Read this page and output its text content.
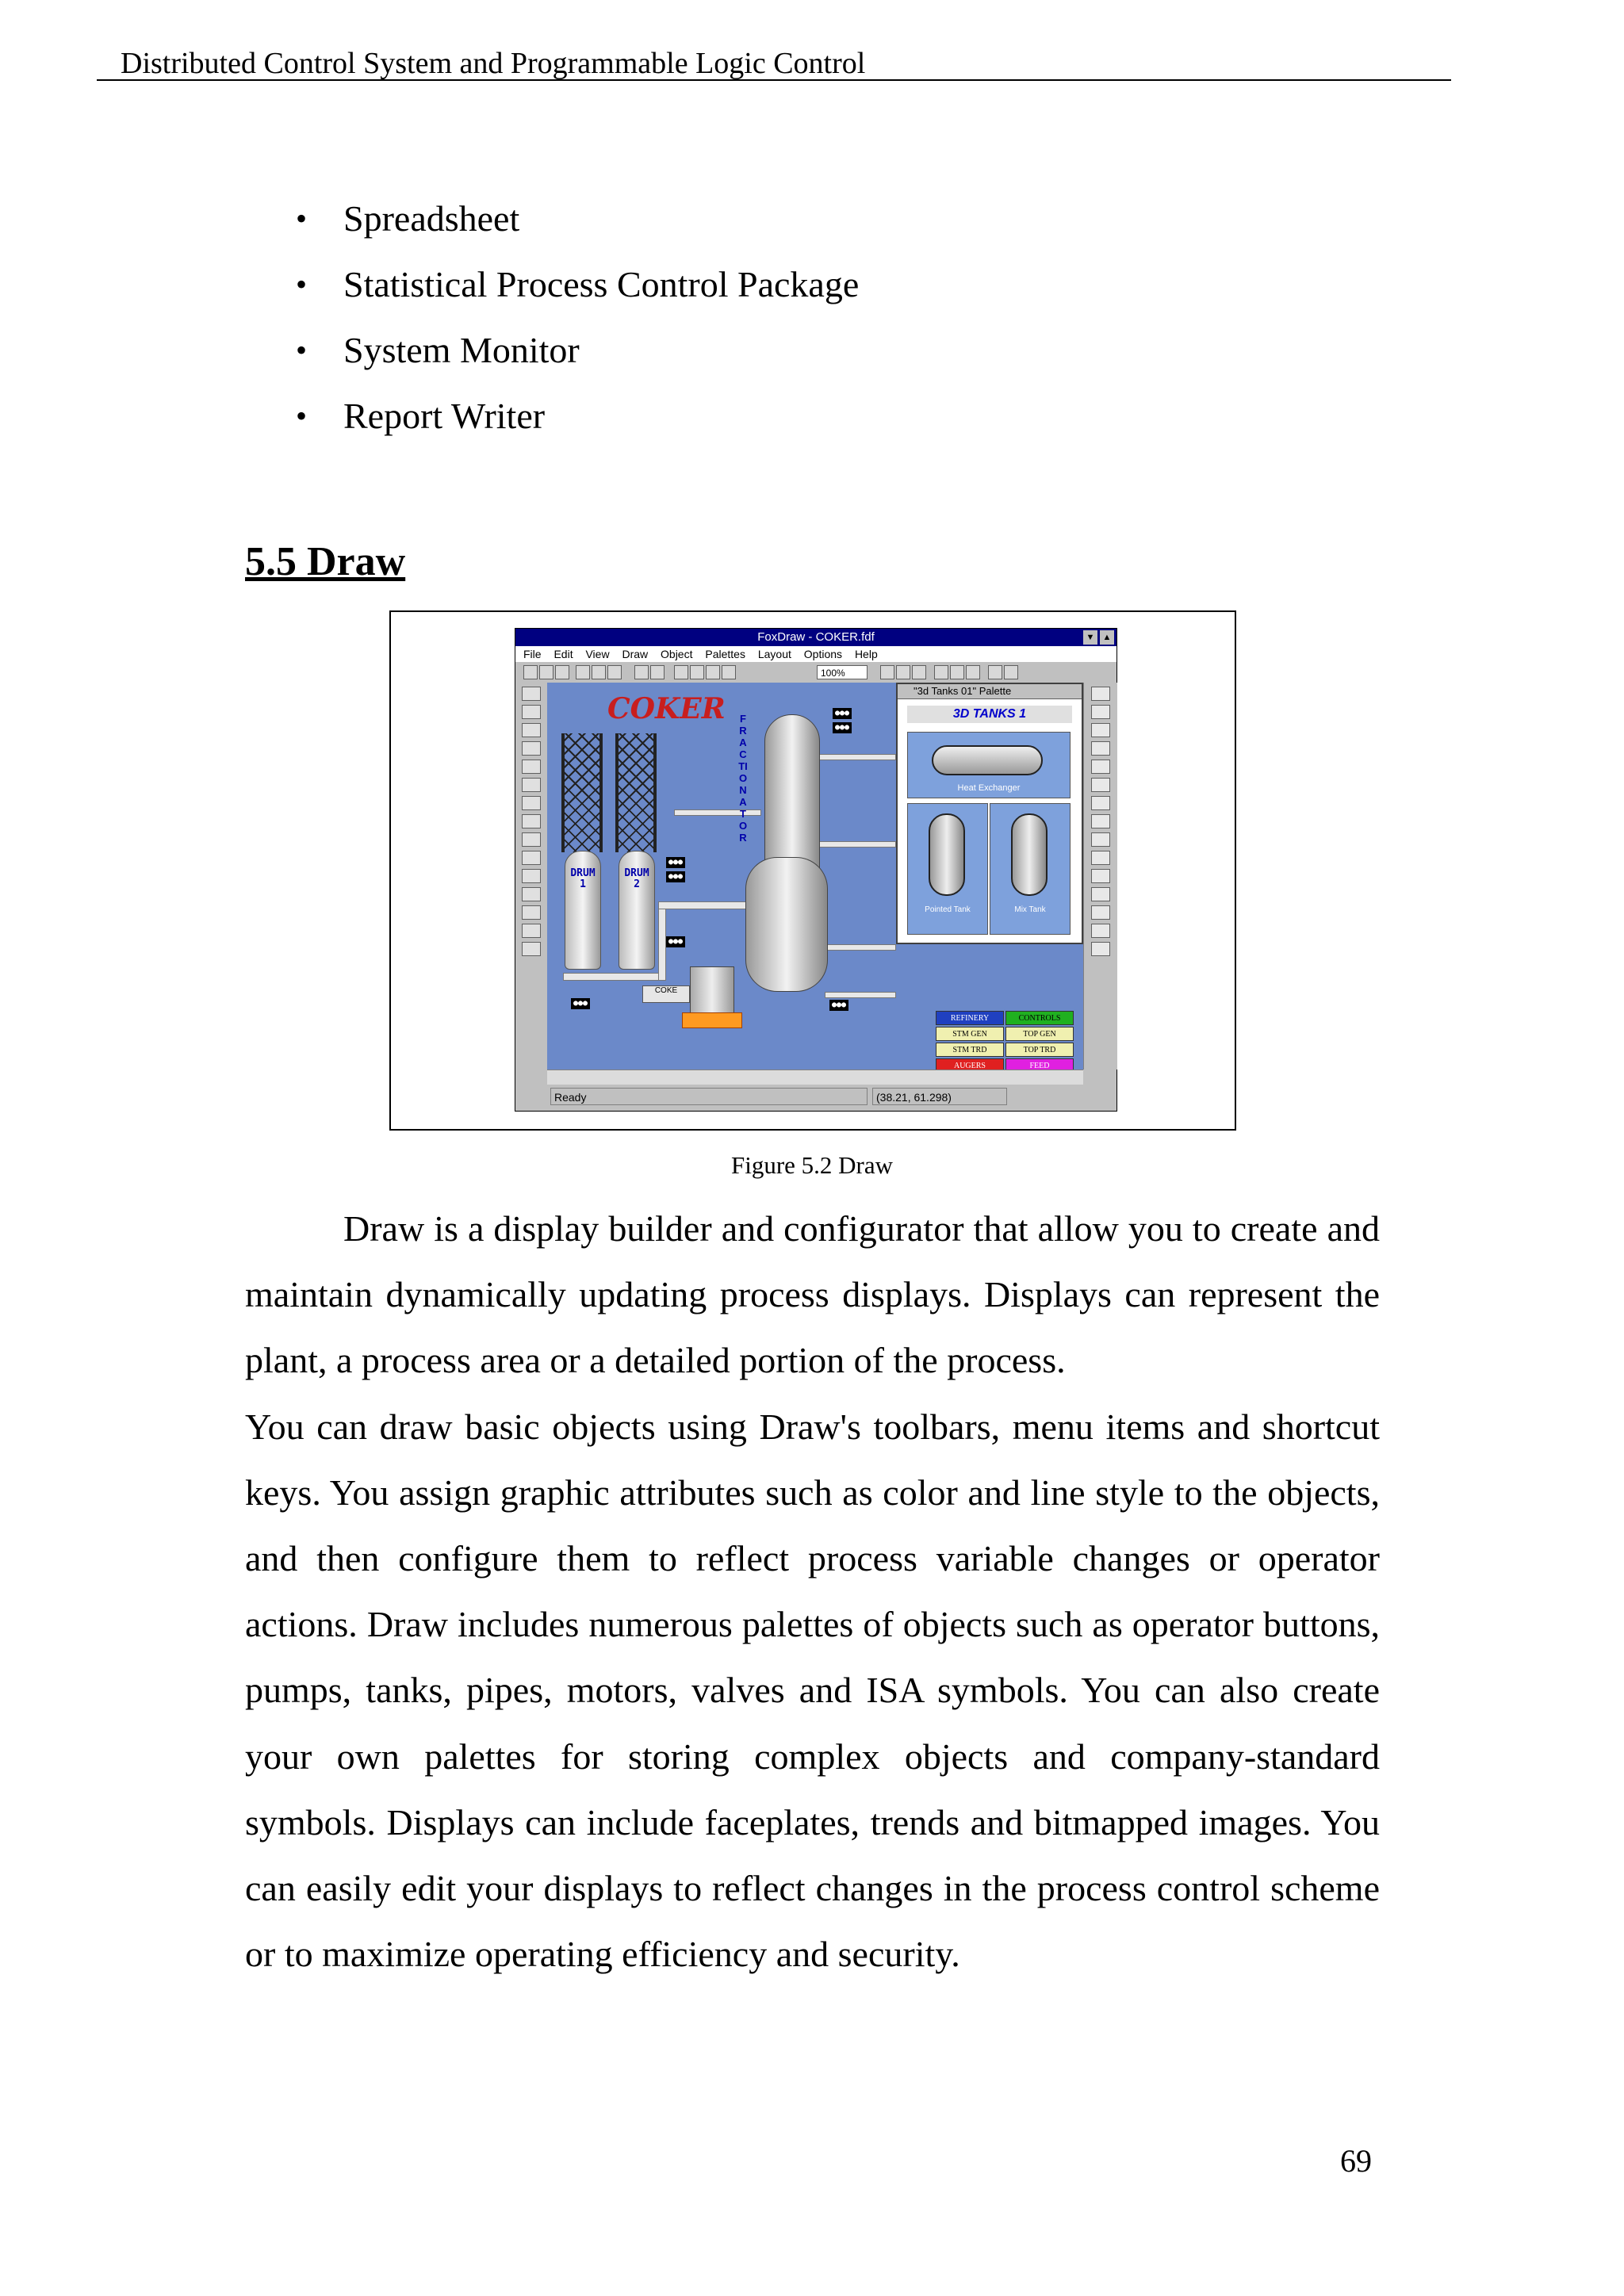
Distributed Control System and Programmable Logic Control
• Spreadsheet
• Statistical Process Control Package
• System Monitor
• Report Writer
5.5 Draw
FoxDraw - COKER.fdf	▼ ▲
File Edit View Draw Object Palettes Layout Options Help
100%
COKER
DRUM 1
DRUM 2
FRACTIONATOR
●●●
●●●
●●●
●●●
●●●
●●●
●●●
COKE
"3d Tanks 01" Palette
3D TANKS 1
Heat Exchanger
Pointed Tank	Mix Tank
REFINERY	CONTROLS
STM GEN	TOP GEN
STM TRD	TOP TRD
AUGERS	FEED
Ready	(38.21, 61.298)
Figure 5.2 Draw

Draw is a display builder and configurator that allow you to create and maintain dynamically updating process displays. Displays can represent the plant, a process area or a detailed portion of the process.

You can draw basic objects using Draw's toolbars, menu items and shortcut keys. You assign graphic attributes such as color and line style to the objects, and then configure them to reflect process variable changes or operator actions. Draw includes numerous palettes of objects such as operator buttons, pumps, tanks, pipes, motors, valves and ISA symbols. You can also create your own palettes for storing complex objects and company-standard symbols. Displays can include faceplates, trends and bitmapped images. You can easily edit your displays to reflect changes in the process control scheme or to maximize operating efficiency and security.

69
